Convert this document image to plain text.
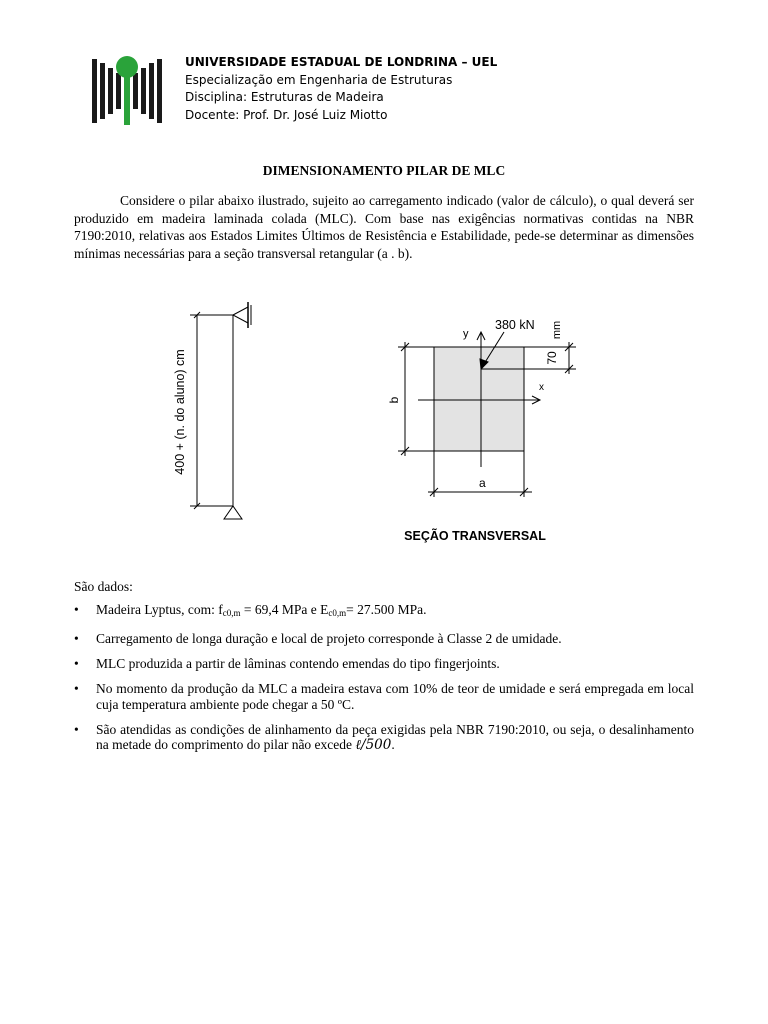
UNIVERSIDADE ESTADUAL DE LONDRINA – UEL
Especialização em Engenharia de Estruturas
Disciplina: Estruturas de Madeira
Docente: Prof. Dr. José Luiz Miotto
DIMENSIONAMENTO PILAR DE MLC
Considere o pilar abaixo ilustrado, sujeito ao carregamento indicado (valor de cálculo), o qual deverá ser produzido em madeira laminada colada (MLC). Com base nas exigências normativas contidas na NBR 7190:2010, relativas aos Estados Limites Últimos de Resistência e Estabilidade, pede-se determinar as dimensões mínimas necessárias para a seção transversal retangular (a . b).
400 + (n. do aluno) cm
380 kN
y
x
b
a
70
mm
SEÇÃO TRANSVERSAL
São dados:
• Madeira Lyptus, com: $f_{c0,m} = 69,4$ MPa e $E_{c0,m}= 27.500$ MPa.
• Carregamento de longa duração e local de projeto corresponde à Classe 2 de umidade.
• MLC produzida a partir de lâminas contendo emendas do tipo fingerjoints.
• No momento da produção da MLC a madeira estava com 10% de teor de umidade e será empregada em local cuja temperatura ambiente pode chegar a 50 ºC.
• São atendidas as condições de alinhamento da peça exigidas pela NBR 7190:2010, ou seja, o desalinhamento na metade do comprimento do pilar não excede ℓ/500.
